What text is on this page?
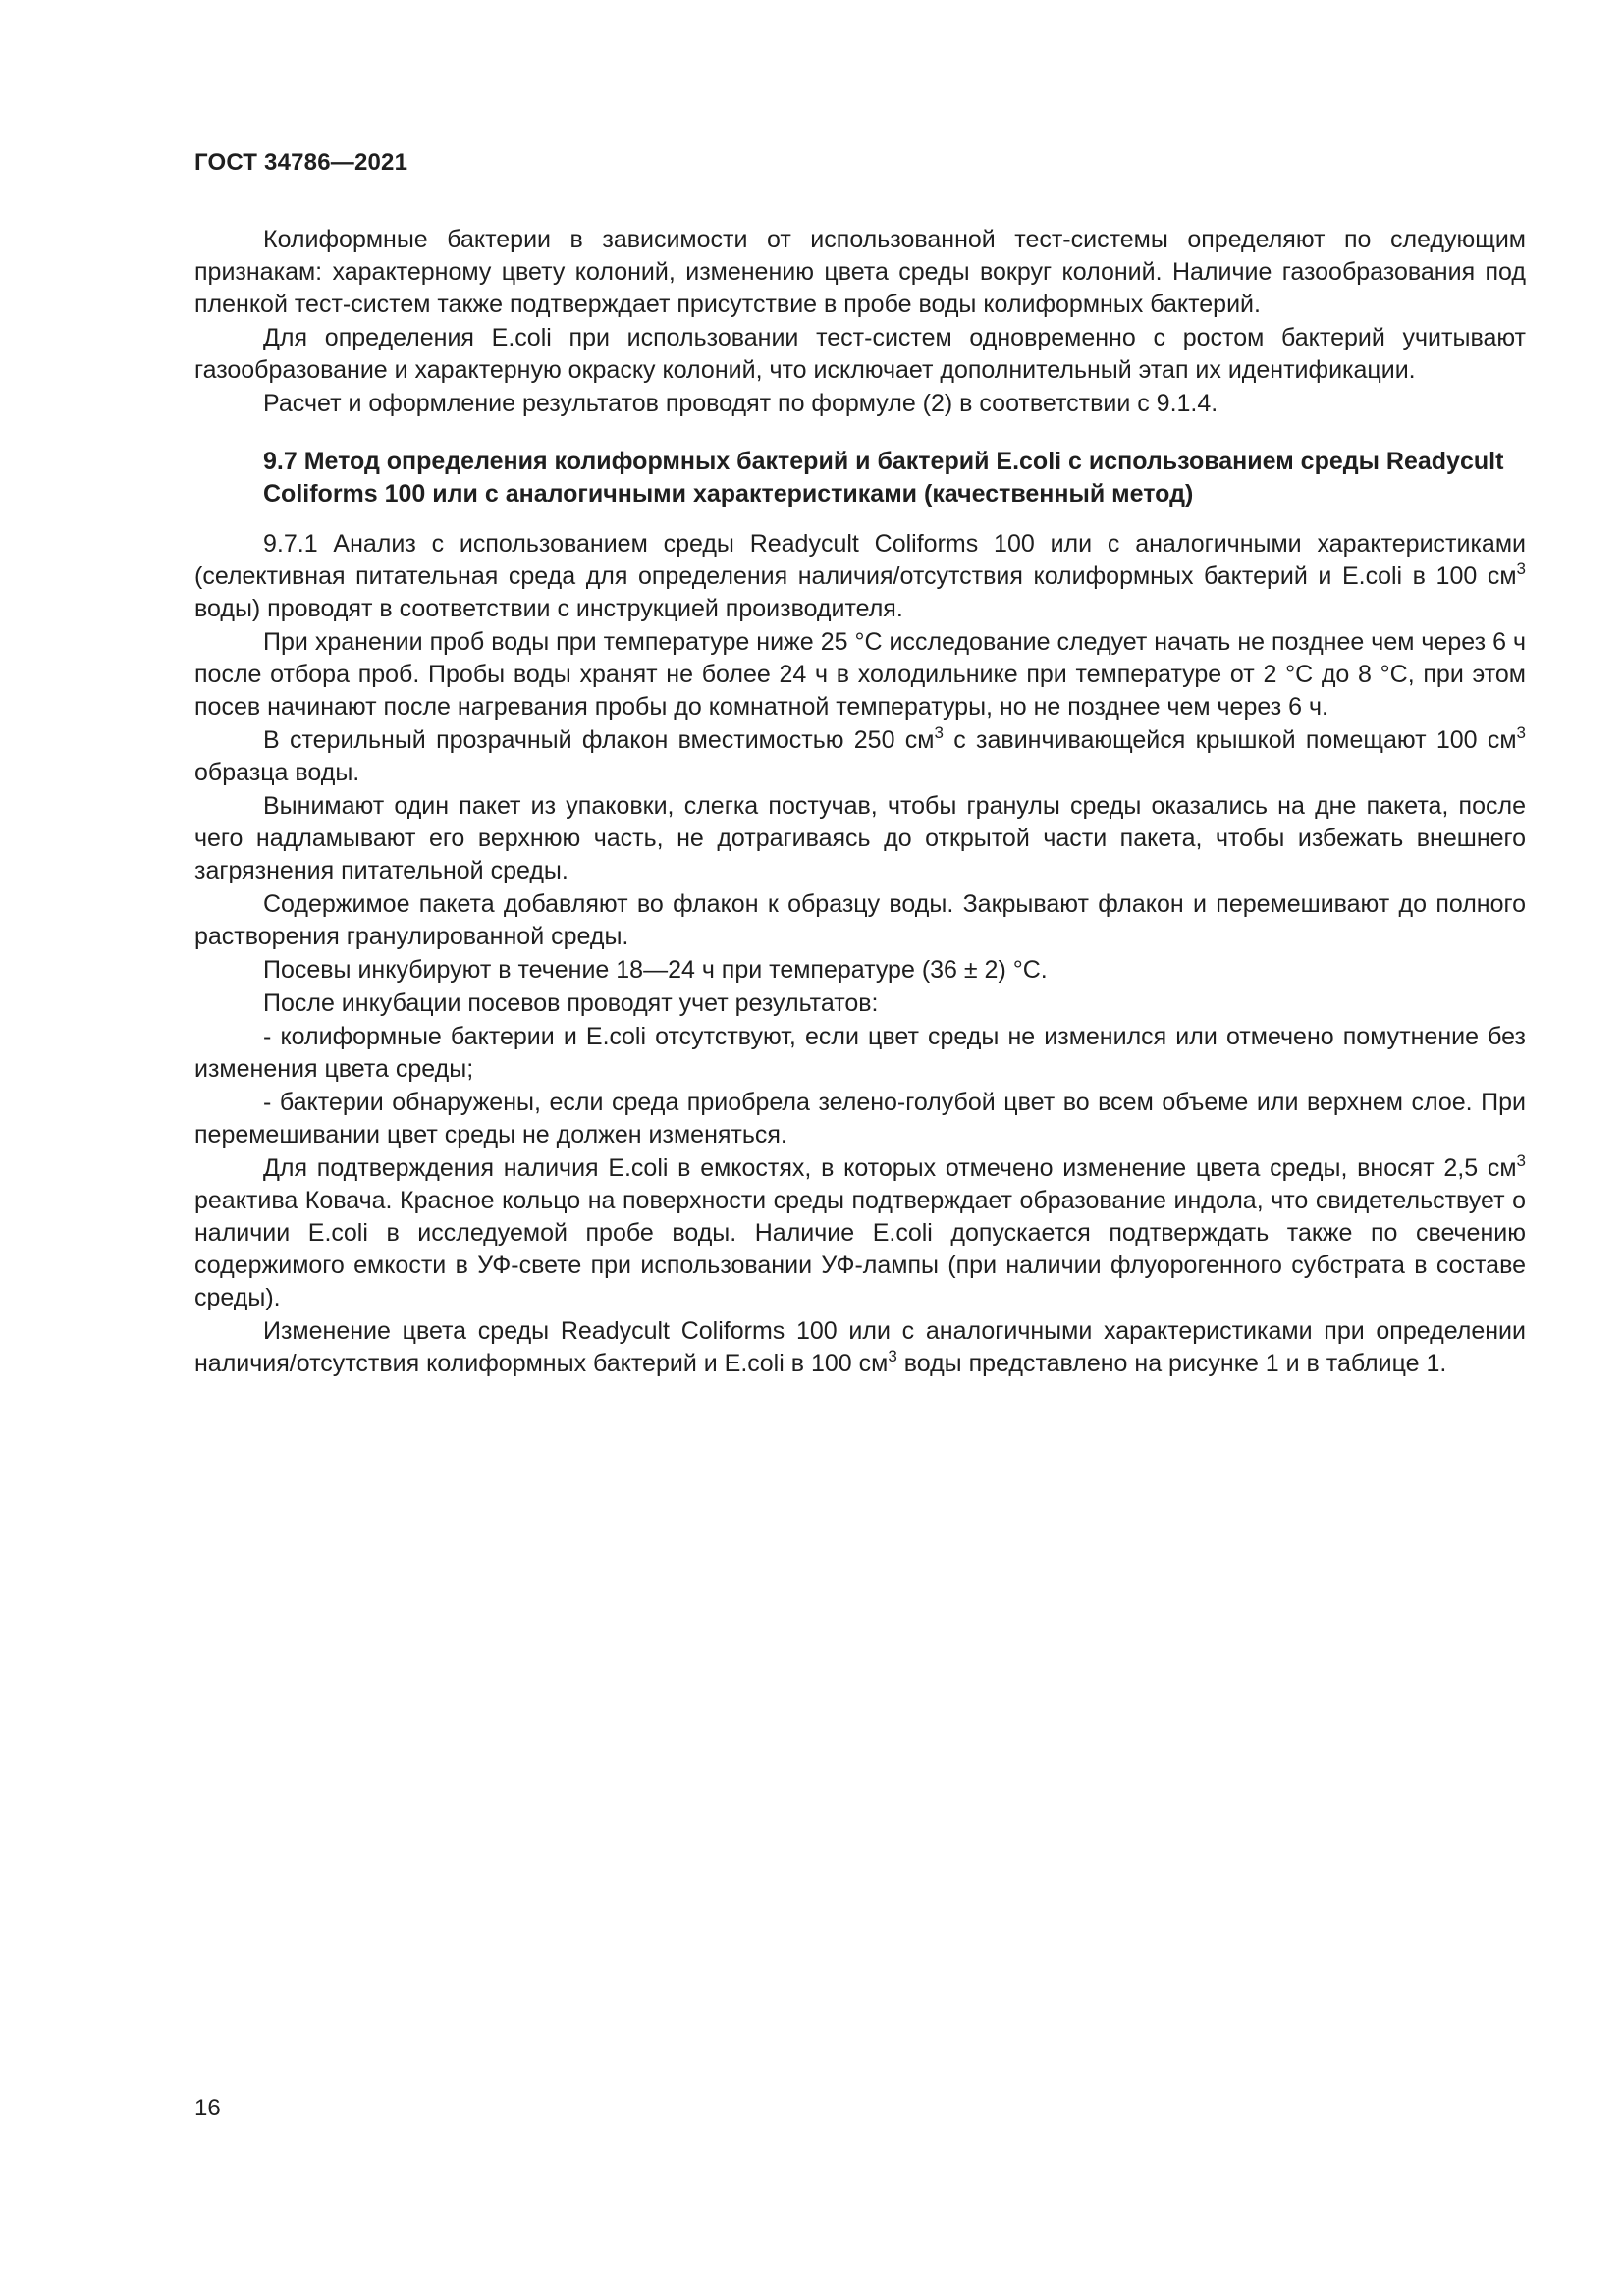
ГОСТ 34786—2021

Колиформные бактерии в зависимости от использованной тест-системы определяют по следующим признакам: характерному цвету колоний, изменению цвета среды вокруг колоний. Наличие газообразования под пленкой тест-систем также подтверждает присутствие в пробе воды колиформных бактерий.

Для определения E.coli при использовании тест-систем одновременно с ростом бактерий учитывают газообразование и характерную окраску колоний, что исключает дополнительный этап их идентификации.

Расчет и оформление результатов проводят по формуле (2) в соответствии с 9.1.4.

9.7 Метод определения колиформных бактерий и бактерий E.coli с использованием среды Readycult Coliforms 100 или с аналогичными характеристиками (качественный метод)

9.7.1 Анализ с использованием среды Readycult Coliforms 100 или с аналогичными характеристиками (селективная питательная среда для определения наличия/отсутствия колиформных бактерий и E.coli в 100 $см^3$ воды) проводят в соответствии с инструкцией производителя.

При хранении проб воды при температуре ниже 25 °С исследование следует начать не позднее чем через 6 ч после отбора проб. Пробы воды хранят не более 24 ч в холодильнике при температуре от 2 °С до 8 °С, при этом посев начинают после нагревания пробы до комнатной температуры, но не позднее чем через 6 ч.

В стерильный прозрачный флакон вместимостью 250 $см^3$ с завинчивающейся крышкой помещают 100 $см^3$ образца воды.

Вынимают один пакет из упаковки, слегка постучав, чтобы гранулы среды оказались на дне пакета, после чего надламывают его верхнюю часть, не дотрагиваясь до открытой части пакета, чтобы избежать внешнего загрязнения питательной среды.

Содержимое пакета добавляют во флакон к образцу воды. Закрывают флакон и перемешивают до полного растворения гранулированной среды.

Посевы инкубируют в течение 18—24 ч при температуре (36 ± 2) °С.

После инкубации посевов проводят учет результатов:

- колиформные бактерии и E.coli отсутствуют, если цвет среды не изменился или отмечено помутнение без изменения цвета среды;

- бактерии обнаружены, если среда приобрела зелено-голубой цвет во всем объеме или верхнем слое. При перемешивании цвет среды не должен изменяться.

Для подтверждения наличия E.coli в емкостях, в которых отмечено изменение цвета среды, вносят 2,5 $см^3$ реактива Ковача. Красное кольцо на поверхности среды подтверждает образование индола, что свидетельствует о наличии E.coli в исследуемой пробе воды. Наличие E.coli допускается подтверждать также по свечению содержимого емкости в УФ-свете при использовании УФ-лампы (при наличии флуорогенного субстрата в составе среды).

Изменение цвета среды Readycult Coliforms 100 или с аналогичными характеристиками при определении наличия/отсутствия колиформных бактерий и E.coli в 100 $см^3$ воды представлено на рисунке 1 и в таблице 1.

16
